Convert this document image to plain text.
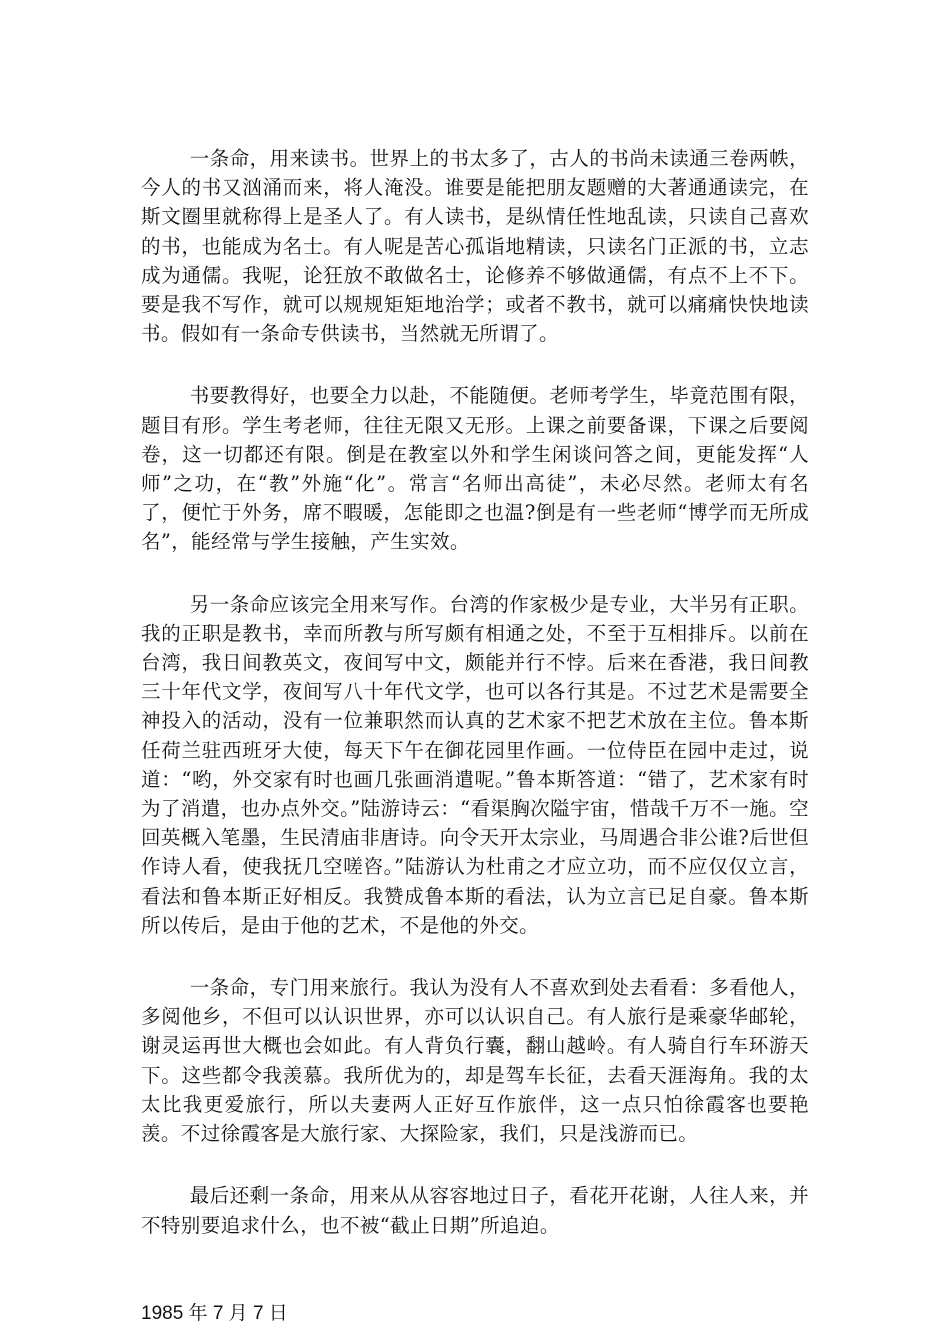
一条命，用来读书。世界上的书太多了，古人的书尚未读通三卷两帙，今人的书又汹涌而来，将人淹没。谁要是能把朋友题赠的大著通通读完，在斯文圈里就称得上是圣人了。有人读书，是纵情任性地乱读，只读自己喜欢的书，也能成为名士。有人呢是苦心孤诣地精读，只读名门正派的书，立志成为通儒。我呢，论狂放不敢做名士，论修养不够做通儒，有点不上不下。要是我不写作，就可以规规矩矩地治学；或者不教书，就可以痛痛快快地读书。假如有一条命专供读书，当然就无所谓了。

书要教得好，也要全力以赴，不能随便。老师考学生，毕竟范围有限，题目有形。学生考老师，往往无限又无形。上课之前要备课，下课之后要阅卷，这一切都还有限。倒是在教室以外和学生闲谈问答之间，更能发挥“人师”之功，在“教”外施“化”。常言“名师出高徒”，未必尽然。老师太有名了，便忙于外务，席不暇暖，怎能即之也温?倒是有一些老师“博学而无所成名”，能经常与学生接触，产生实效。

另一条命应该完全用来写作。台湾的作家极少是专业，大半另有正职。我的正职是教书，幸而所教与所写颇有相通之处，不至于互相排斥。以前在台湾，我日间教英文，夜间写中文，颇能并行不悖。后来在香港，我日间教三十年代文学，夜间写八十年代文学，也可以各行其是。不过艺术是需要全神投入的活动，没有一位兼职然而认真的艺术家不把艺术放在主位。鲁本斯任荷兰驻西班牙大使，每天下午在御花园里作画。一位侍臣在园中走过，说道：“哟，外交家有时也画几张画消遣呢。”鲁本斯答道：“错了，艺术家有时为了消遣，也办点外交。”陆游诗云：“看渠胸次隘宇宙，惜哉千万不一施。空回英概入笔墨，生民清庙非唐诗。向令天开太宗业，马周遇合非公谁?后世但作诗人看，使我抚几空嗟咨。”陆游认为杜甫之才应立功，而不应仅仅立言，看法和鲁本斯正好相反。我赞成鲁本斯的看法，认为立言已足自豪。鲁本斯所以传后，是由于他的艺术，不是他的外交。

一条命，专门用来旅行。我认为没有人不喜欢到处去看看：多看他人，多阅他乡，不但可以认识世界，亦可以认识自己。有人旅行是乘豪华邮轮，谢灵运再世大概也会如此。有人背负行囊，翻山越岭。有人骑自行车环游天下。这些都令我羡慕。我所优为的，却是驾车长征，去看天涯海角。我的太太比我更爱旅行，所以夫妻两人正好互作旅伴，这一点只怕徐霞客也要艳羡。不过徐霞客是大旅行家、大探险家，我们，只是浅游而已。

最后还剩一条命，用来从从容容地过日子，看花开花谢，人往人来，并不特别要追求什么，也不被“截止日期”所追迫。

1985 年 7 月 7 日
